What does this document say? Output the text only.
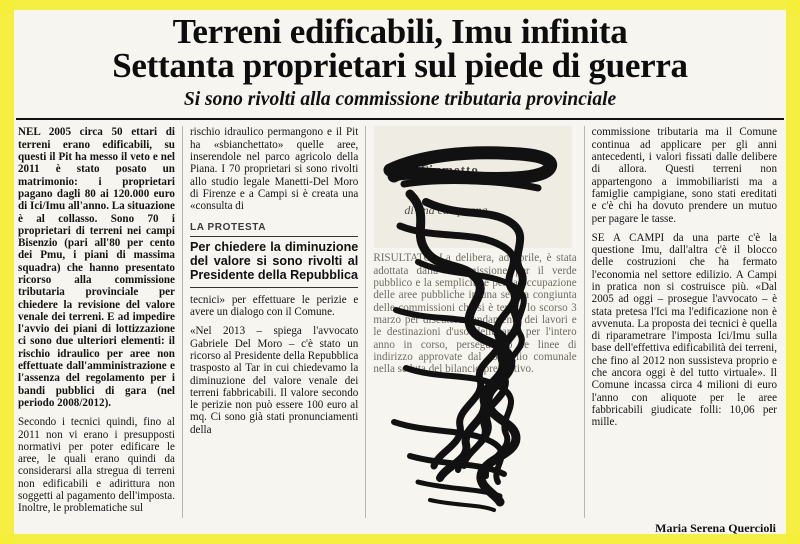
Terreni edificabili, Imu infinita
Settanta proprietari sul piede di guerra
Si sono rivolti alla commissione tributaria provinciale

NEL 2005 circa 50 ettari di terreni erano edificabili, su questi il Pit ha messo il veto e nel 2011 è stato posato un matrimonio: i proprietari pagano dagli 80 ai 120.000 euro di Ici/Imu all'anno. La situazione è al collasso. Sono 70 i proprietari di terreni nei campi Bisenzio (pari all'80 per cento dei Pmu, i piani di massima squadra) che hanno presentato ricorso alla commissione tributaria provinciale per chiedere la revisione del valore venale dei terreni. E ad impedire l'avvio dei piani di lottizzazione ci sono due ulteriori elementi: il rischio idraulico per aree non effettuate dall'amministrazione e l'assenza del regolamento per i bandi pubblici di gara (nel periodo 2008/2012).

Secondo i tecnici quindi, fino al 2011 non vi erano i presupposti normativi per poter edificare le aree, le quali erano quindi da considerarsi alla stregua di terreni non edificabili e adirittura non soggetti al pagamento dell'imposta. Inoltre, le problematiche sul

rischio idraulico permangono e il Pit ha «sbianchettato» quelle aree, inserendole nel parco agricolo della Piana. I 70 proprietari si sono rivolti allo studio legale Manetti-Del Moro di Firenze e a Campi si è creata una «consulta di

LA PROTESTA
Per chiedere la diminuzione del valore si sono rivolti al Presidente della Repubblica

tecnici» per effettuare le perizie e avere un dialogo con il Comune.

«Nel 2013 – spiega l'avvocato Gabriele Del Moro – c'è stato un ricorso al Presidente della Repubblica trasposto al Tar in cui chiedevamo la diminuzione del valore venale dei terreni fabbricabili. Il valore secondo le perizie non può essere 100 euro al mq. Ci sono già stati pronunciamenti della

Fiumetto
di una campagna

RISULTATO. La delibera, ad aprile, è stata adottata dalla Commissione per il verde pubblico e la semplicità e per la occupazione delle aree pubbliche in una seduta congiunta delle commissioni che si è tenuta lo scorso 3 marzo per discutere l'andamento dei lavori e le destinazioni d'uso delle aree per l'intero anno in corso, perseguendo le linee di indirizzo approvate dal consiglio comunale nella seduta del bilancio preventivo.

commissione tributaria ma il Comune continua ad applicare per gli anni antecedenti, i valori fissati dalle delibere di allora. Questi terreni non appartengono a immobiliaristi ma a famiglie campigiane, sono stati ereditati e c'è chi ha dovuto prendere un mutuo per pagare le tasse.

SE A CAMPI da una parte c'è la questione Imu, dall'altra c'è il blocco delle costruzioni che ha fermato l'economia nel settore edilizio. A Campi in pratica non si costruisce più. «Dal 2005 ad oggi – prosegue l'avvocato – è stata pretesa l'Ici ma l'edificazione non è avvenuta. La proposta dei tecnici è quella di riparametrare l'imposta Ici/Imu sulla base dell'effettiva edificabilità dei terreni, che fino al 2012 non sussisteva proprio e che ancora oggi è del tutto virtuale». Il Comune incassa circa 4 milioni di euro l'anno con aliquote per le aree fabbricabili giudicate folli: 10,06 per mille.

Maria Serena Quercioli
